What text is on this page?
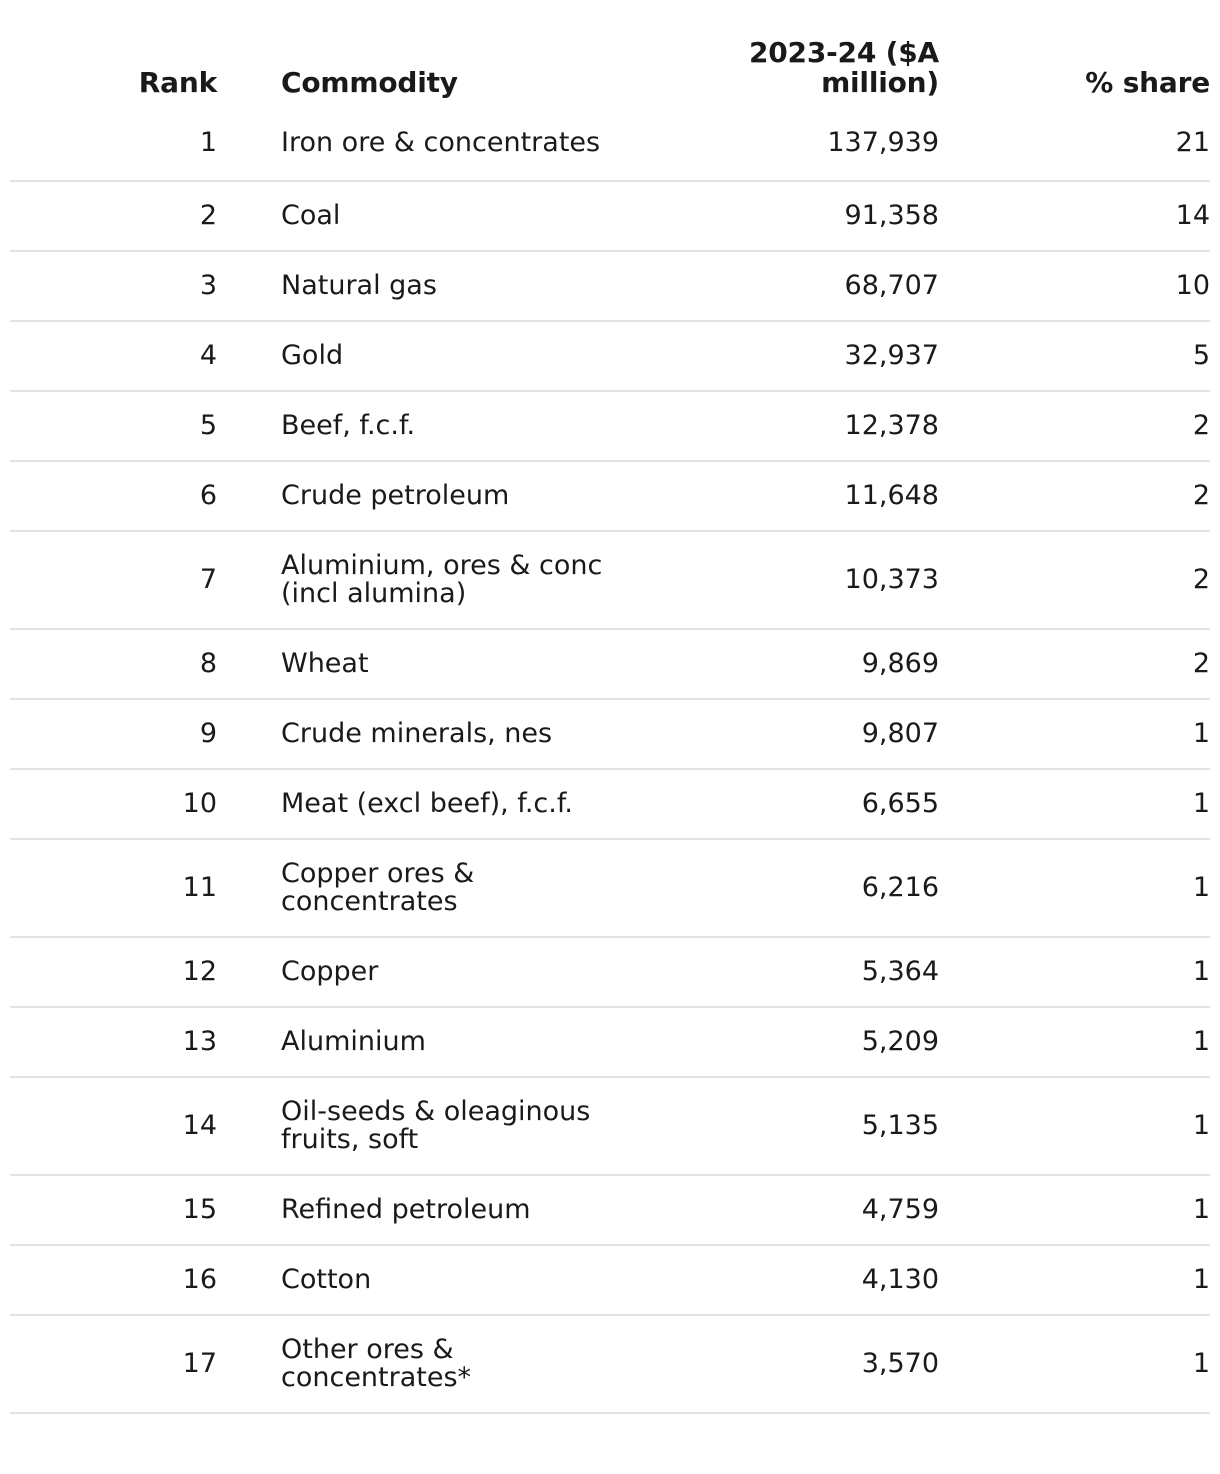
Rank		Commodity	2023-24 ($A million)	% share
1		Iron ore & concentrates	137,939	21
2		Coal	91,358	14
3		Natural gas	68,707	10
4		Gold	32,937	5
5		Beef, f.c.f.	12,378	2
6		Crude petroleum	11,648	2
7		Aluminium, ores & conc (incl alumina)	10,373	2
8		Wheat	9,869	2
9		Crude minerals, nes	9,807	1
10		Meat (excl beef), f.c.f.	6,655	1
11		Copper ores & concentrates	6,216	1
12		Copper	5,364	1
13		Aluminium	5,209	1
14		Oil-seeds & oleaginous fruits, soft	5,135	1
15		Refined petroleum	4,759	1
16		Cotton	4,130	1
17		Other ores & concentrates*	3,570	1
